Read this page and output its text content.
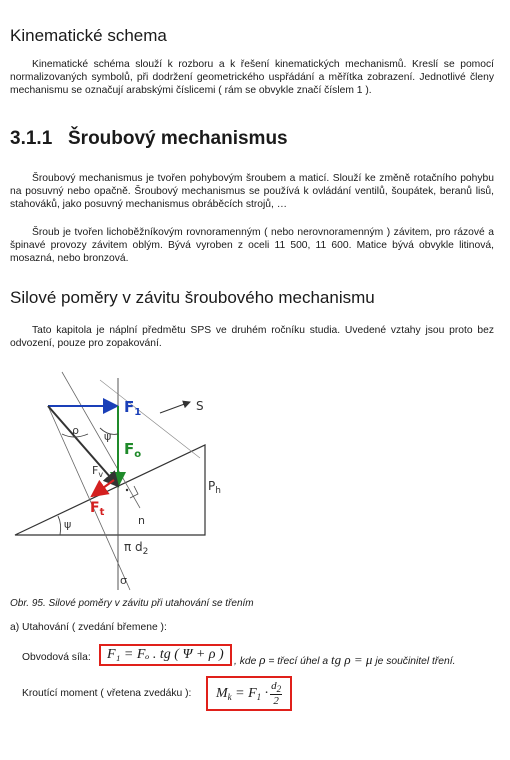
Kinematické schema
Kinematické schéma slouží k rozboru a k řešení kinematických mechanismů. Kreslí se pomocí normalizovaných symbolů, při dodržení geometrického uspřádání a měřítka zobrazení. Jednotlivé členy mechanismu se označují arabskými číslicemi ( rám se obvykle značí číslem 1 ).
3.1.1 Šroubový mechanismus
Šroubový mechanismus je tvořen pohybovým šroubem a maticí. Slouží ke změně rotačního pohybu na posuvný nebo opačně. Šroubový mechanismus se používá k ovládání ventilů, šoupátek, beranů lisů, stahováků, jako posuvný mechanismus obráběcích strojů, …
Šroub je tvořen lichoběžníkovým rovnoramenným ( nebo nerovnoramenným ) závitem, pro rázové a špinavé provozy závitem oblým. Bývá vyroben z oceli 11 500, 11 600. Matice bývá obvykle litinová, mosazná, nebo bronzová.
Silové poměry v závitu šroubového mechanismu
Tato kapitola je náplní předmětu SPS ve druhém ročníku studia. Uvedené vztahy jsou proto bez odvození, pouze pro zopakování.
$F_1$
$F_o$
$F_v$
$F_t$
S
$P_h$
π $d_2$
ρ ψ
ψ	n
σ
Obr. 95. Silové poměry v závitu při utahování se třením
a) Utahování ( zvedání břemene ):
Obvodová síla:	F₁ = Fₒ . tg ( Ψ + ρ )	, kde ρ = třecí úhel a tg ρ = μ je součinitel tření.
Kroutící moment ( vřetena zvedáku ):	$M_k = F_1 \cdot \frac{d_2}{2}$
